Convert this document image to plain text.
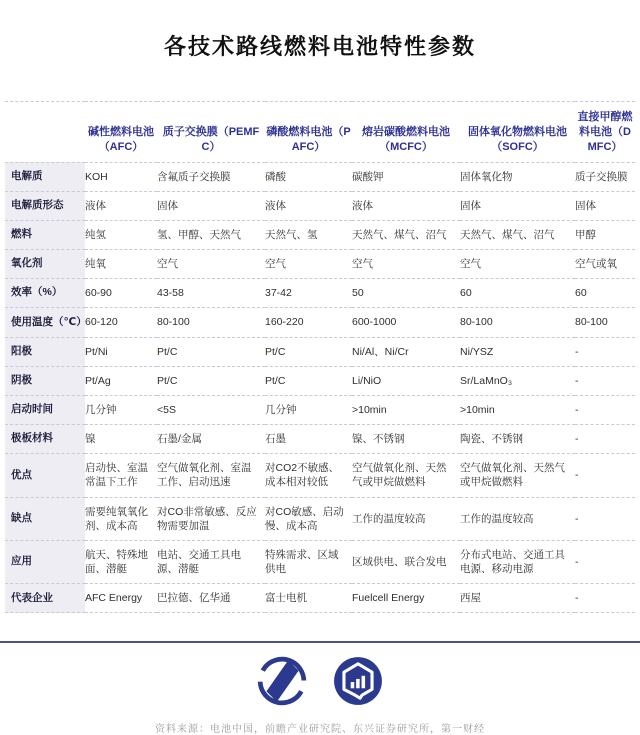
各技术路线燃料电池特性参数
	碱性燃料电池（AFC）	质子交换膜（PEMFC）	磷酸燃料电池（PAFC）	熔岩碳酸燃料电池（MCFC）	固体氧化物燃料电池（SOFC）	直接甲醇燃料电池（DMFC）
电解质	KOH	含氟质子交换膜	磷酸	碳酸钾	固体氧化物	质子交换膜
电解质形态	液体	固体	液体	液体	固体	固体
燃料	纯氢	氢、甲醇、天然气	天然气、氢	天然气、煤气、沼气	天然气、煤气、沼气	甲醇
氧化剂	纯氧	空气	空气	空气	空气	空气或氧
效率（%）	60-90	43-58	37-42	50	60	60
使用温度（℃）	60-120	80-100	160-220	600-1000	80-100	80-100
阳极	Pt/Ni	Pt/C	Pt/C	Ni/Al、Ni/Cr	Ni/YSZ	-
阴极	Pt/Ag	Pt/C	Pt/C	Li/NiO	Sr/LaMnO₃	-
启动时间	几分钟	<5S	几分钟	>10min	>10min	-
极板材料	镍	石墨/金属	石墨	镍、不锈钢	陶瓷、不锈钢	-
优点	启动快、室温常温下工作	空气做氧化剂、室温工作、启动迅速	对CO2不敏感、成本相对较低	空气做氧化剂、天然气或甲烷做燃料	空气做氧化剂、天然气或甲烷做燃料	-
缺点	需要纯氧氧化剂、成本高	对CO非常敏感、反应物需要加温	对CO敏感、启动慢、成本高	工作的温度较高	工作的温度较高	-
应用	航天、特殊地面、潜艇	电站、交通工具电源、潜艇	特殊需求、区域供电	区域供电、联合发电	分布式电站、交通工具电源、移动电源	-
代表企业	AFC Energy	巴拉德、亿华通	富士电机	Fuelcell Energy	西屋	-
资料来源：电池中国，前瞻产业研究院、东兴证券研究所，第一财经
